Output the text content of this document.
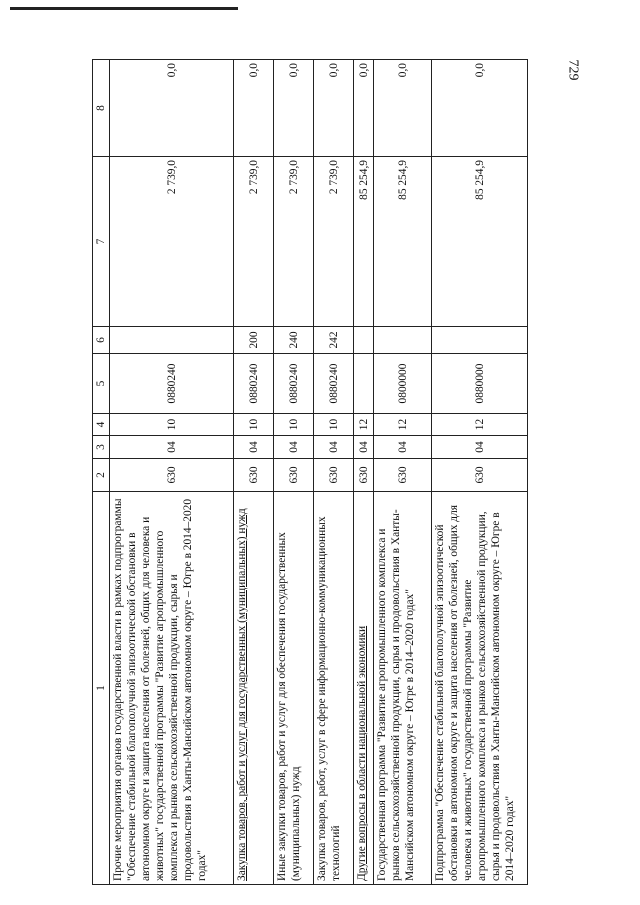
729
1	2	3	4	5	6	7	8
Прочие мероприятия органов государственной власти в рамках подпрограммы "Обеспечение стабильной благополучной эпизоотической обстановки в автономном округе и защита населения от болезней, общих для человека и животных" государственной программы "Развитие агропромышленного комплекса и рынков сельскохозяйственной продукции, сырья и продовольствия в Ханты-Мансийском автономном округе – Югре в 2014–2020 годах"	630	04	10	0880240		2 739,0	0,0
Закупка товаров, работ и услуг для государственных (муниципальных) нужд	630	04	10	0880240	200	2 739,0	0,0
Иные закупки товаров, работ и услуг для обеспечения государственных (муниципальных) нужд	630	04	10	0880240	240	2 739,0	0,0
Закупка товаров, работ, услуг в сфере информационно-коммуникационных технологий	630	04	10	0880240	242	2 739,0	0,0
Другие вопросы в области национальной экономики	630	04	12			85 254,9	0,0
Государственная программа "Развитие агропромышленного комплекса и рынков сельскохозяйственной продукции, сырья и продовольствия в Ханты-Мансийском автономном округе – Югре в 2014–2020 годах"	630	04	12	0800000		85 254,9	0,0
Подпрограмма "Обеспечение стабильной благополучной эпизоотической обстановки в автономном округе и защита населения от болезней, общих для человека и животных" государственной программы "Развитие агропромышленного комплекса и рынков сельскохозяйственной продукции, сырья и продовольствия в Ханты-Мансийском автономном округе – Югре в 2014–2020 годах"	630	04	12	0880000		85 254,9	0,0
